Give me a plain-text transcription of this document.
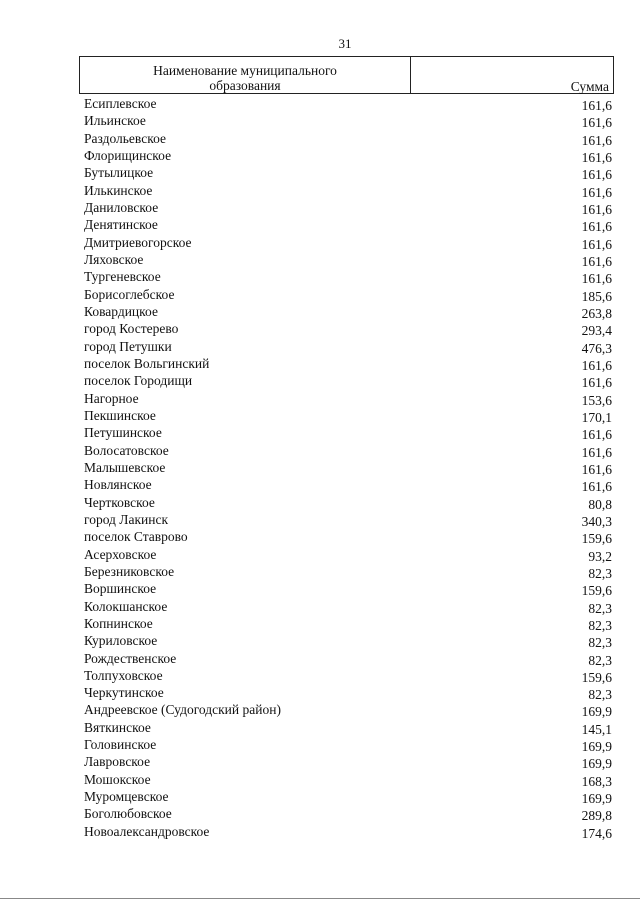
31
Наименование муниципального
образования	Сумма
Есиплевское	161,6
Ильинское	161,6
Раздольевское	161,6
Флорищинское	161,6
Бутылицкое	161,6
Илькинское	161,6
Даниловское	161,6
Денятинское	161,6
Дмитриевогорское	161,6
Ляховское	161,6
Тургеневское	161,6
Борисоглебское	185,6
Ковардицкое	263,8
город Костерево	293,4
город Петушки	476,3
поселок Вольгинский	161,6
поселок Городищи	161,6
Нагорное	153,6
Пекшинское	170,1
Петушинское	161,6
Волосатовское	161,6
Малышевское	161,6
Новлянское	161,6
Чертковское	80,8
город Лакинск	340,3
поселок Ставрово	159,6
Асерховское	93,2
Березниковское	82,3
Воршинское	159,6
Колокшанское	82,3
Копнинское	82,3
Куриловское	82,3
Рождественское	82,3
Толпуховское	159,6
Черкутинское	82,3
Андреевское (Судогодский район)	169,9
Вяткинское	145,1
Головинское	169,9
Лавровское	169,9
Мошокское	168,3
Муромцевское	169,9
Боголюбовское	289,8
Новоалександровское	174,6
